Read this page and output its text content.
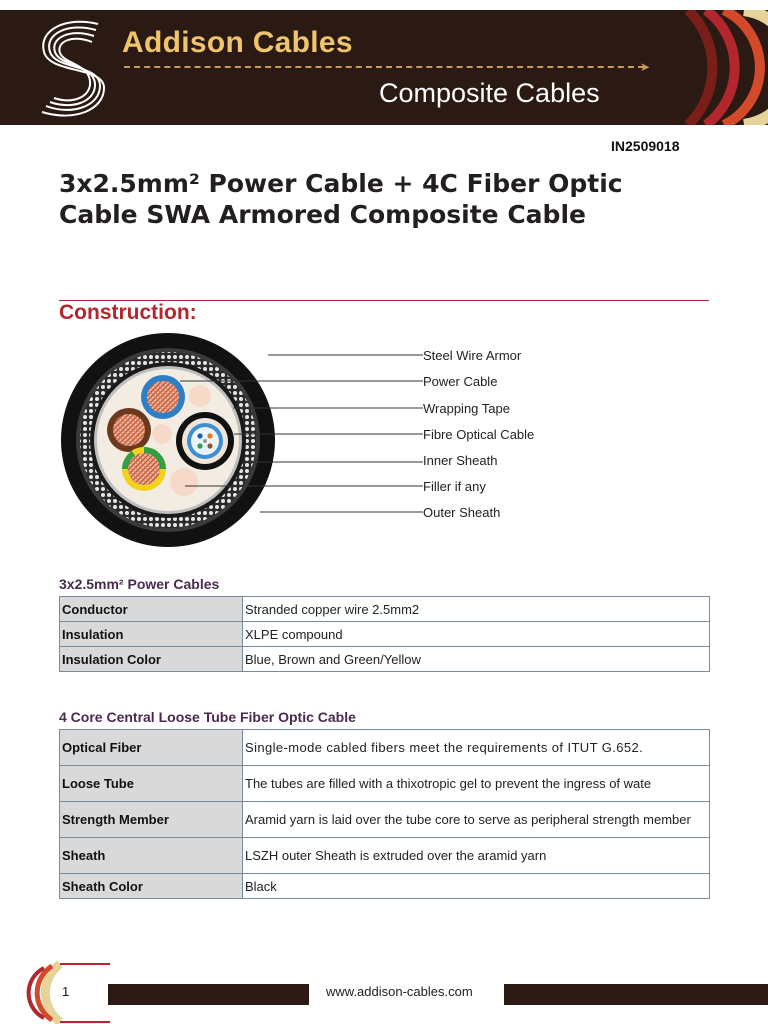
Addison Cables
➤
Composite Cables
IN2509018
3x2.5mm² Power Cable + 4C Fiber Optic Cable SWA Armored Composite Cable
Construction:
Steel Wire Armor
Power Cable
Wrapping Tape
Fibre Optical Cable
Inner Sheath
Filler if any
Outer Sheath
3x2.5mm² Power Cables
Conductor	Stranded copper wire 2.5mm2
Insulation	XLPE compound
Insulation Color	Blue, Brown and Green/Yellow
4 Core Central Loose Tube Fiber Optic Cable
Optical Fiber	Single-mode cabled fibers meet the requirements of ITUT G.652.
Loose Tube	The tubes are filled with a thixotropic gel to prevent the ingress of wate
Strength Member	Aramid yarn is laid over the tube core to serve as peripheral strength member
Sheath	LSZH outer Sheath is extruded over the aramid yarn
Sheath Color	Black
1	www.addison-cables.com
